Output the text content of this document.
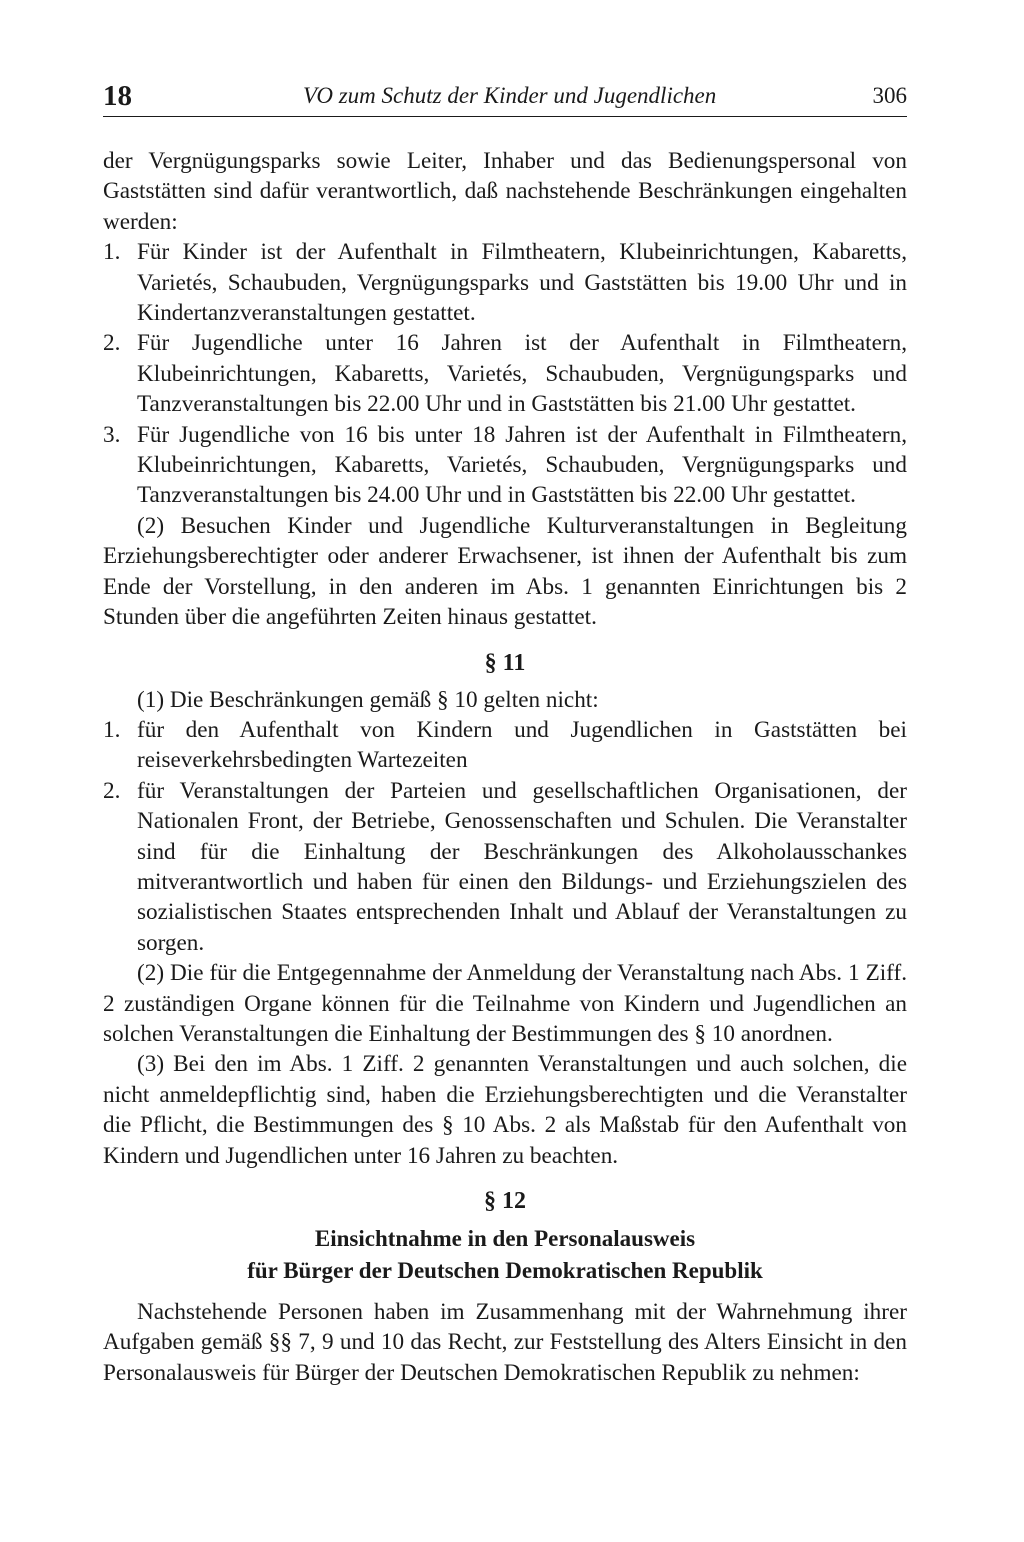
18	VO zum Schutz der Kinder und Jugendlichen	306

der Vergnügungsparks sowie Leiter, Inhaber und das Bedienungspersonal von Gaststätten sind dafür verantwortlich, daß nachstehende Beschränkungen eingehalten werden:

1. Für Kinder ist der Aufenthalt in Filmtheatern, Klubeinrichtungen, Kabaretts, Varietés, Schaubuden, Vergnügungsparks und Gaststätten bis 19.00 Uhr und in Kindertanzveranstaltungen gestattet.
2. Für Jugendliche unter 16 Jahren ist der Aufenthalt in Filmtheatern, Klubeinrichtungen, Kabaretts, Varietés, Schaubuden, Vergnügungsparks und Tanzveranstaltungen bis 22.00 Uhr und in Gaststätten bis 21.00 Uhr gestattet.
3. Für Jugendliche von 16 bis unter 18 Jahren ist der Aufenthalt in Filmtheatern, Klubeinrichtungen, Kabaretts, Varietés, Schaubuden, Vergnügungsparks und Tanzveranstaltungen bis 24.00 Uhr und in Gaststätten bis 22.00 Uhr gestattet.

(2) Besuchen Kinder und Jugendliche Kulturveranstaltungen in Begleitung Erziehungsberechtigter oder anderer Erwachsener, ist ihnen der Aufenthalt bis zum Ende der Vorstellung, in den anderen im Abs. 1 genannten Einrichtungen bis 2 Stunden über die angeführten Zeiten hinaus gestattet.

§ 11

(1) Die Beschränkungen gemäß § 10 gelten nicht:

1. für den Aufenthalt von Kindern und Jugendlichen in Gaststätten bei reiseverkehrsbedingten Wartezeiten
2. für Veranstaltungen der Parteien und gesellschaftlichen Organisationen, der Nationalen Front, der Betriebe, Genossenschaften und Schulen. Die Veranstalter sind für die Einhaltung der Beschränkungen des Alkoholausschankes mitverantwortlich und haben für einen den Bildungs- und Erziehungszielen des sozialistischen Staates entsprechenden Inhalt und Ablauf der Veranstaltungen zu sorgen.

(2) Die für die Entgegennahme der Anmeldung der Veranstaltung nach Abs. 1 Ziff. 2 zuständigen Organe können für die Teilnahme von Kindern und Jugendlichen an solchen Veranstaltungen die Einhaltung der Bestimmungen des § 10 anordnen.

(3) Bei den im Abs. 1 Ziff. 2 genannten Veranstaltungen und auch solchen, die nicht anmeldepflichtig sind, haben die Erziehungsberechtigten und die Veranstalter die Pflicht, die Bestimmungen des § 10 Abs. 2 als Maßstab für den Aufenthalt von Kindern und Jugendlichen unter 16 Jahren zu beachten.

§ 12
Einsichtnahme in den Personalausweis
für Bürger der Deutschen Demokratischen Republik

Nachstehende Personen haben im Zusammenhang mit der Wahrnehmung ihrer Aufgaben gemäß §§ 7, 9 und 10 das Recht, zur Feststellung des Alters Einsicht in den Personalausweis für Bürger der Deutschen Demokratischen Republik zu nehmen:
